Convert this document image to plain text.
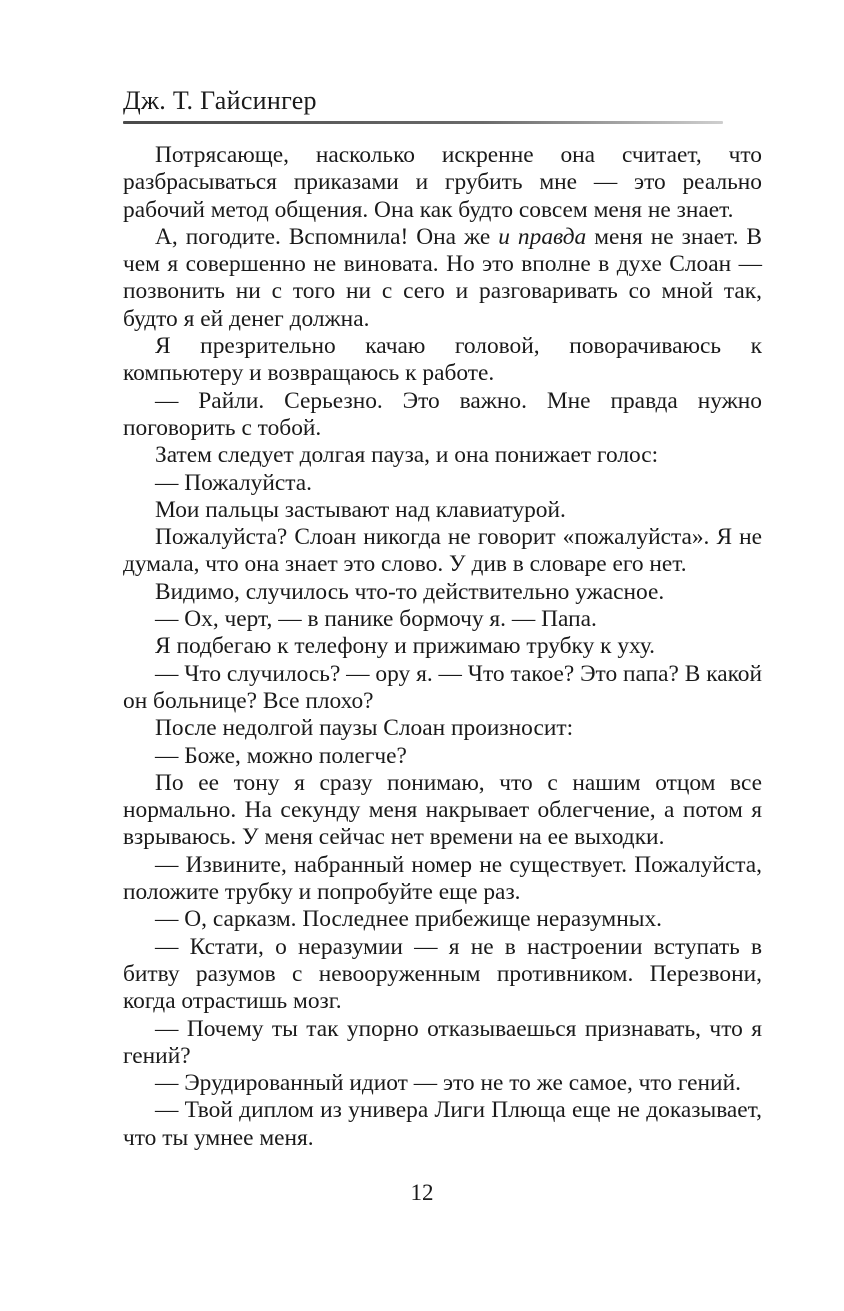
Дж. Т. Гайсингер

Потрясающе, насколько искренне она считает, что разбрасываться приказами и грубить мне — это реально рабочий метод общения. Она как будто совсем меня не знает.

А, погодите. Вспомнила! Она же и правда меня не знает. В чем я совершенно не виновата. Но это вполне в духе Слоан — позвонить ни с того ни с сего и разговаривать со мной так, будто я ей денег должна.

Я презрительно качаю головой, поворачиваюсь к компьютеру и возвращаюсь к работе.

— Райли. Серьезно. Это важно. Мне правда нужно поговорить с тобой.

Затем следует долгая пауза, и она понижает голос:

— Пожалуйста.

Мои пальцы застывают над клавиатурой.

Пожалуйста? Слоан никогда не говорит «пожалуйста». Я не думала, что она знает это слово. У див в словаре его нет.

Видимо, случилось что-то действительно ужасное.

— Ох, черт, — в панике бормочу я. — Папа.

Я подбегаю к телефону и прижимаю трубку к уху.

— Что случилось? — ору я. — Что такое? Это папа? В какой он больнице? Все плохо?

После недолгой паузы Слоан произносит:

— Боже, можно полегче?

По ее тону я сразу понимаю, что с нашим отцом все нормально. На секунду меня накрывает облегчение, а потом я взрываюсь. У меня сейчас нет времени на ее выходки.

— Извините, набранный номер не существует. Пожалуйста, положите трубку и попробуйте еще раз.

— О, сарказм. Последнее прибежище неразумных.

— Кстати, о неразумии — я не в настроении вступать в битву разумов с невооруженным противником. Перезвони, когда отрастишь мозг.

— Почему ты так упорно отказываешься признавать, что я гений?

— Эрудированный идиот — это не то же самое, что гений.

— Твой диплом из универа Лиги Плюща еще не доказывает, что ты умнее меня.

12
